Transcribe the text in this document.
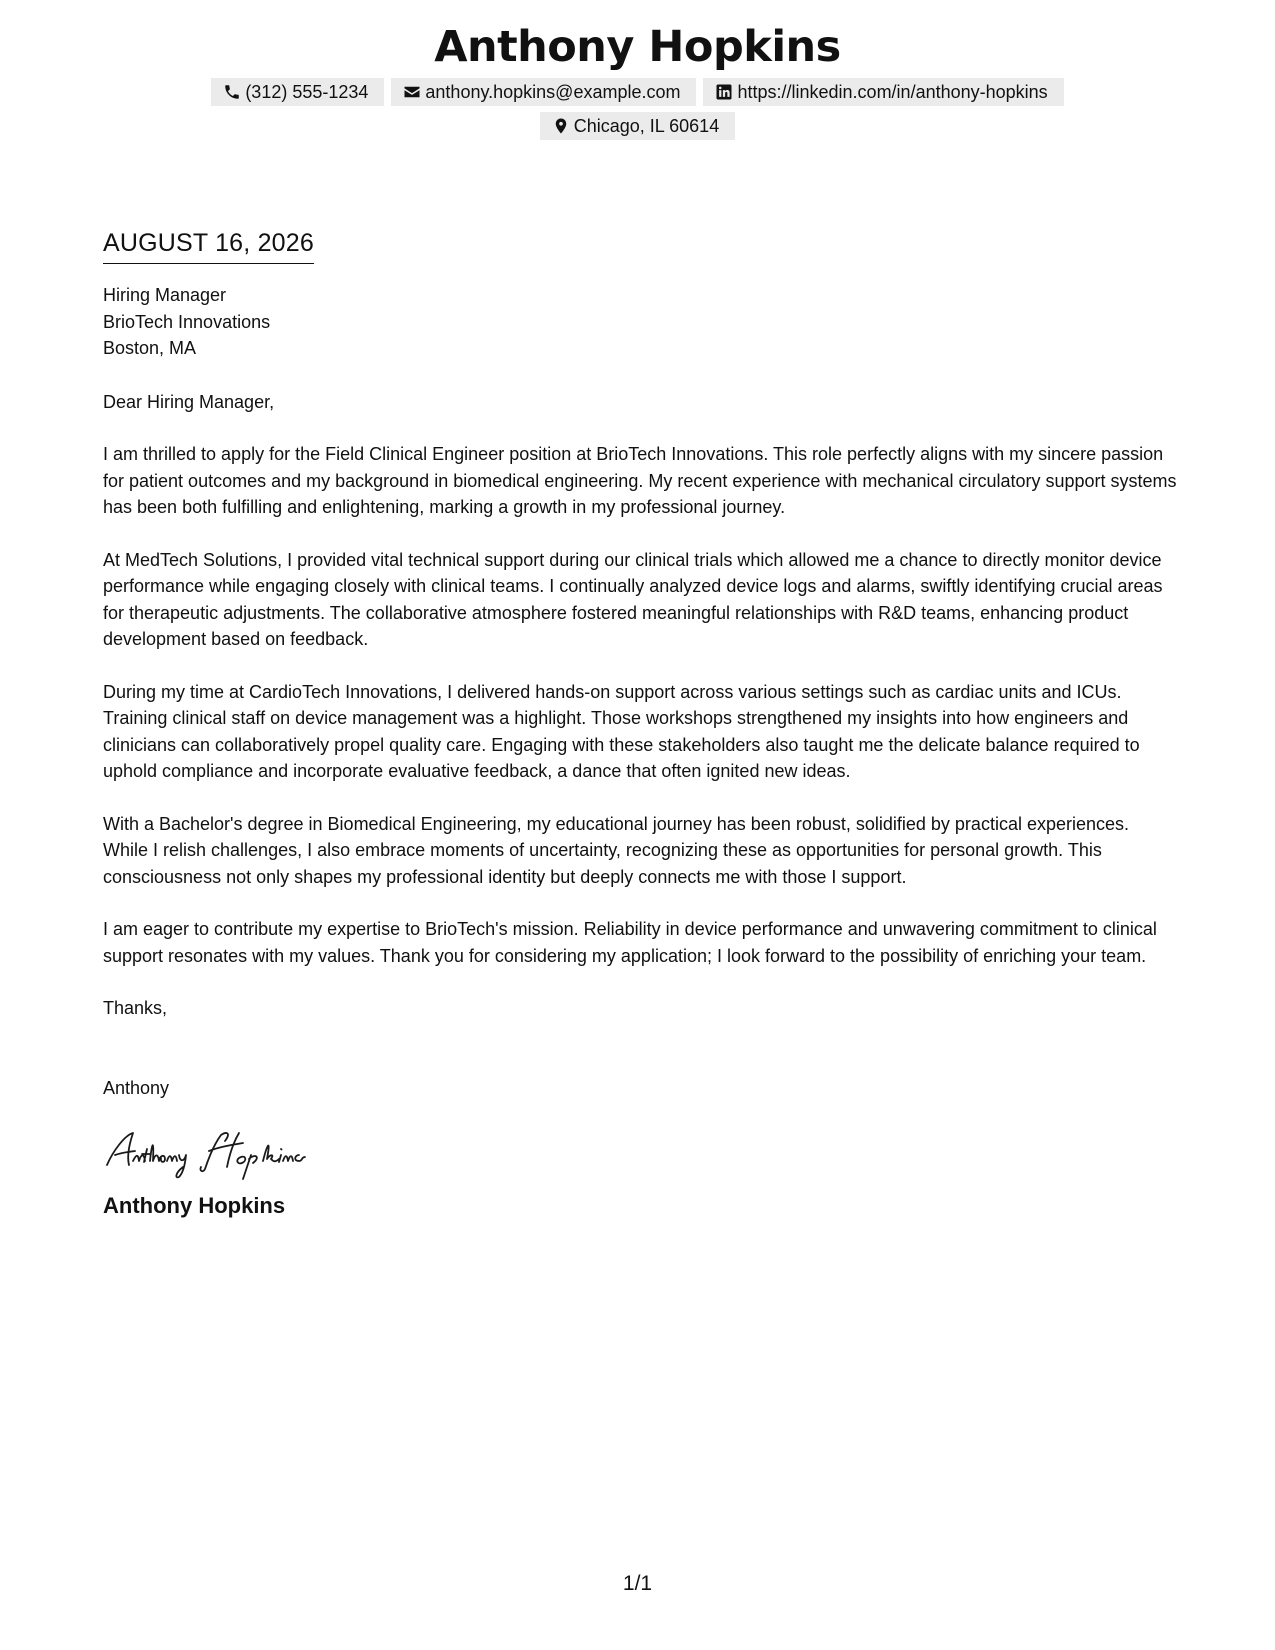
Anthony Hopkins
(312) 555-1234	anthony.hopkins@example.com	https://linkedin.com/in/anthony-hopkins
Chicago, IL 60614
AUGUST 16, 2026
Hiring Manager
BrioTech Innovations
Boston, MA
Dear Hiring Manager,

I am thrilled to apply for the Field Clinical Engineer position at BrioTech Innovations. This role perfectly aligns with my sincere passion for patient outcomes and my background in biomedical engineering. My recent experience with mechanical circulatory support systems has been both fulfilling and enlightening, marking a growth in my professional journey.

At MedTech Solutions, I provided vital technical support during our clinical trials which allowed me a chance to directly monitor device performance while engaging closely with clinical teams. I continually analyzed device logs and alarms, swiftly identifying crucial areas for therapeutic adjustments. The collaborative atmosphere fostered meaningful relationships with R&D teams, enhancing product development based on feedback.

During my time at CardioTech Innovations, I delivered hands-on support across various settings such as cardiac units and ICUs. Training clinical staff on device management was a highlight. Those workshops strengthened my insights into how engineers and clinicians can collaboratively propel quality care. Engaging with these stakeholders also taught me the delicate balance required to uphold compliance and incorporate evaluative feedback, a dance that often ignited new ideas.

With a Bachelor's degree in Biomedical Engineering, my educational journey has been robust, solidified by practical experiences. While I relish challenges, I also embrace moments of uncertainty, recognizing these as opportunities for personal growth. This consciousness not only shapes my professional identity but deeply connects me with those I support.

I am eager to contribute my expertise to BrioTech's mission. Reliability in device performance and unwavering commitment to clinical support resonates with my values. Thank you for considering my application; I look forward to the possibility of enriching your team.

Thanks,
Anthony
Anthony Hopkins
1/1
